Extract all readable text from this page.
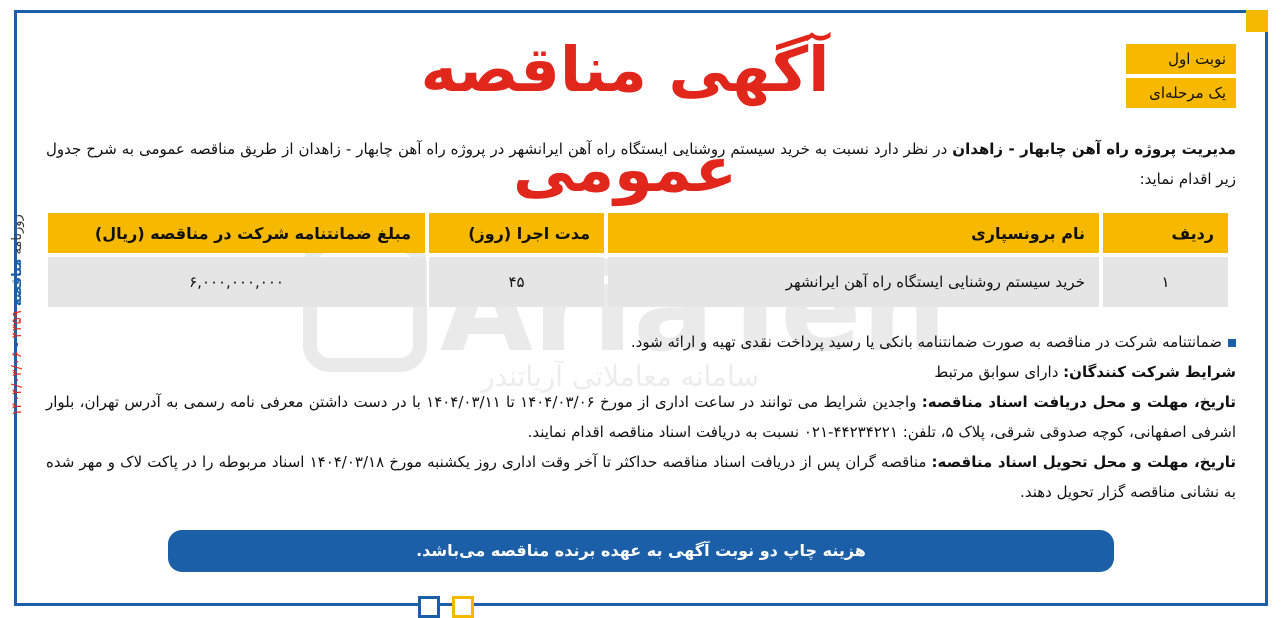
AriaTen
سامانه معاملاتی آریاتندر
آگهی مناقصه عمومی
نوبت اول
یک مرحله‌ای
مدیریت پروژه راه آهن چابهار - زاهدان در نظر دارد نسبت به خرید سیستم روشنایی ایستگاه راه آهن ایرانشهر در پروژه راه آهن چابهار - زاهدان از طریق مناقصه عمومی به شرح جدول زیر اقدام نماید:
ردیف	نام برونسپاری	مدت اجرا (روز)	مبلغ ضمانتنامه شرکت در مناقصه (ریال)
۱	خرید سیستم روشنایی ایستگاه راه آهن ایرانشهر	۴۵	۶,۰۰۰,۰۰۰,۰۰۰

ضمانتنامه شرکت در مناقصه به صورت ضمانتنامه بانکی یا رسید پرداخت نقدی تهیه و ارائه شود.

شرایط شرکت کنندگان: دارای سوابق مرتبط

تاریخ، مهلت و محل دریافت اسناد مناقصه: واجدین شرایط می توانند در ساعت اداری از مورخ ۱۴۰۴/۰۳/۰۶ تا ۱۴۰۴/۰۳/۱۱ با در دست داشتن معرفی نامه رسمی به آدرس تهران، بلوار اشرفی اصفهانی، کوچه صدوقی شرقی، پلاک ۵، تلفن: ۴۴۲۳۴۲۲۱-۰۲۱ نسبت به دریافت اسناد مناقصه اقدام نمایند.

تاریخ، مهلت و محل تحویل اسناد مناقصه: مناقصه گران پس از دریافت اسناد مناقصه حداکثر تا آخر وقت اداری روز یکشنبه مورخ ۱۴۰۴/۰۳/۱۸ اسناد مربوطه را در پاکت لاک و مهر شده به نشانی مناقصه گزار تحویل دهند.

هزینه چاپ دو نوبت آگهی به عهده برنده مناقصه می‌باشد.
روزنامه مناقصه ۴۳۵۹ - ۱۴۰۴/۰۳/۰۶
